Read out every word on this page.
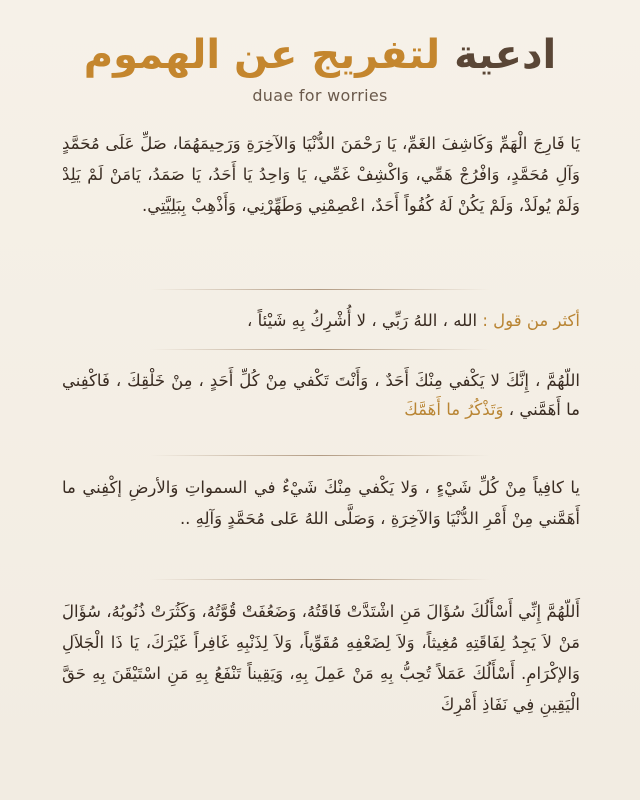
ادعية لتفريج عن الهموم
duae for worries
يَا فَارِجَ الْهَمِّ وَكَاشِفَ الغَمِّ، يَا رَحْمَنَ الدُّنْيَا وَالآخِرَةِ وَرَحِيمَهُمَا، صَلِّ عَلَى مُحَمَّدٍ وَآلِ مُحَمَّدٍ، وَافْرُجْ هَمِّي، وَاكْشِفْ غَمِّي، يَا وَاحِدُ يَا أَحَدُ، يَا صَمَدُ، يَامَنْ لَمْ يَلِدْ وَلَمْ يُولَدْ، وَلَمْ يَكُنْ لَهُ كُفُواً أَحَدٌ، اعْصِمْنِي وَطَهِّرْنِي، وَأَذْهِبْ بِبَلِيَّتِي.
أكثر من قول : الله ، اللهُ رَبِّي ، لا أُشْرِكُ بِهِ شَيْئاً ،
اللّهُمَّ ، إِنَّكَ لا يَكْفي مِنْكَ أَحَدٌ ، وَأَنْتَ تَكْفي مِنْ كُلِّ أَحَدٍ ، مِنْ خَلْقِكَ ، فَاكْفِني ما أَهَمَّني ، وَتَذْكُرُ ما أَهَمَّكَ
يا كافِياً مِنْ كُلِّ شَيْءٍ ، وَلا يَكْفي مِنْكَ شَيْءٌ في السمواتِ وَالأرضِ إكْفِني ما أَهَمَّني مِنْ أَمْرِ الدُّنْيَا وَالآخِرَةِ ، وَصَلَّى اللهُ عَلى مُحَمَّدٍ وَآلِهِ ..
أَللّهُمَّ إِنِّي أَسْأَلُكَ سُؤَالَ مَنِ اشْتَدَّتْ فَاقَتُهُ، وَضَعُفَتْ قُوَّتُهُ، وَكَثُرَتْ ذُنُوبُهُ، سُؤَالَ مَنْ لاَ يَجِدُ لِفَاقَتِهِ مُغِيثاً، وَلاَ لِضَعْفِهِ مُقَوِّياً، وَلاَ لِذَنْبِهِ غَافِراً غَيْرَكَ، يَا ذَا الْجَلاَلِ وَالإكْرَامِ. أَسْأَلُكَ عَمَلاً تُحِبُّ بِهِ مَنْ عَمِلَ بِهِ، وَيَقِيناً تَنْفَعُ بِهِ مَنِ اسْتَيْقَنَ بِهِ حَقَّ الْيَقِينِ فِي نَفَاذِ أَمْرِكَ
